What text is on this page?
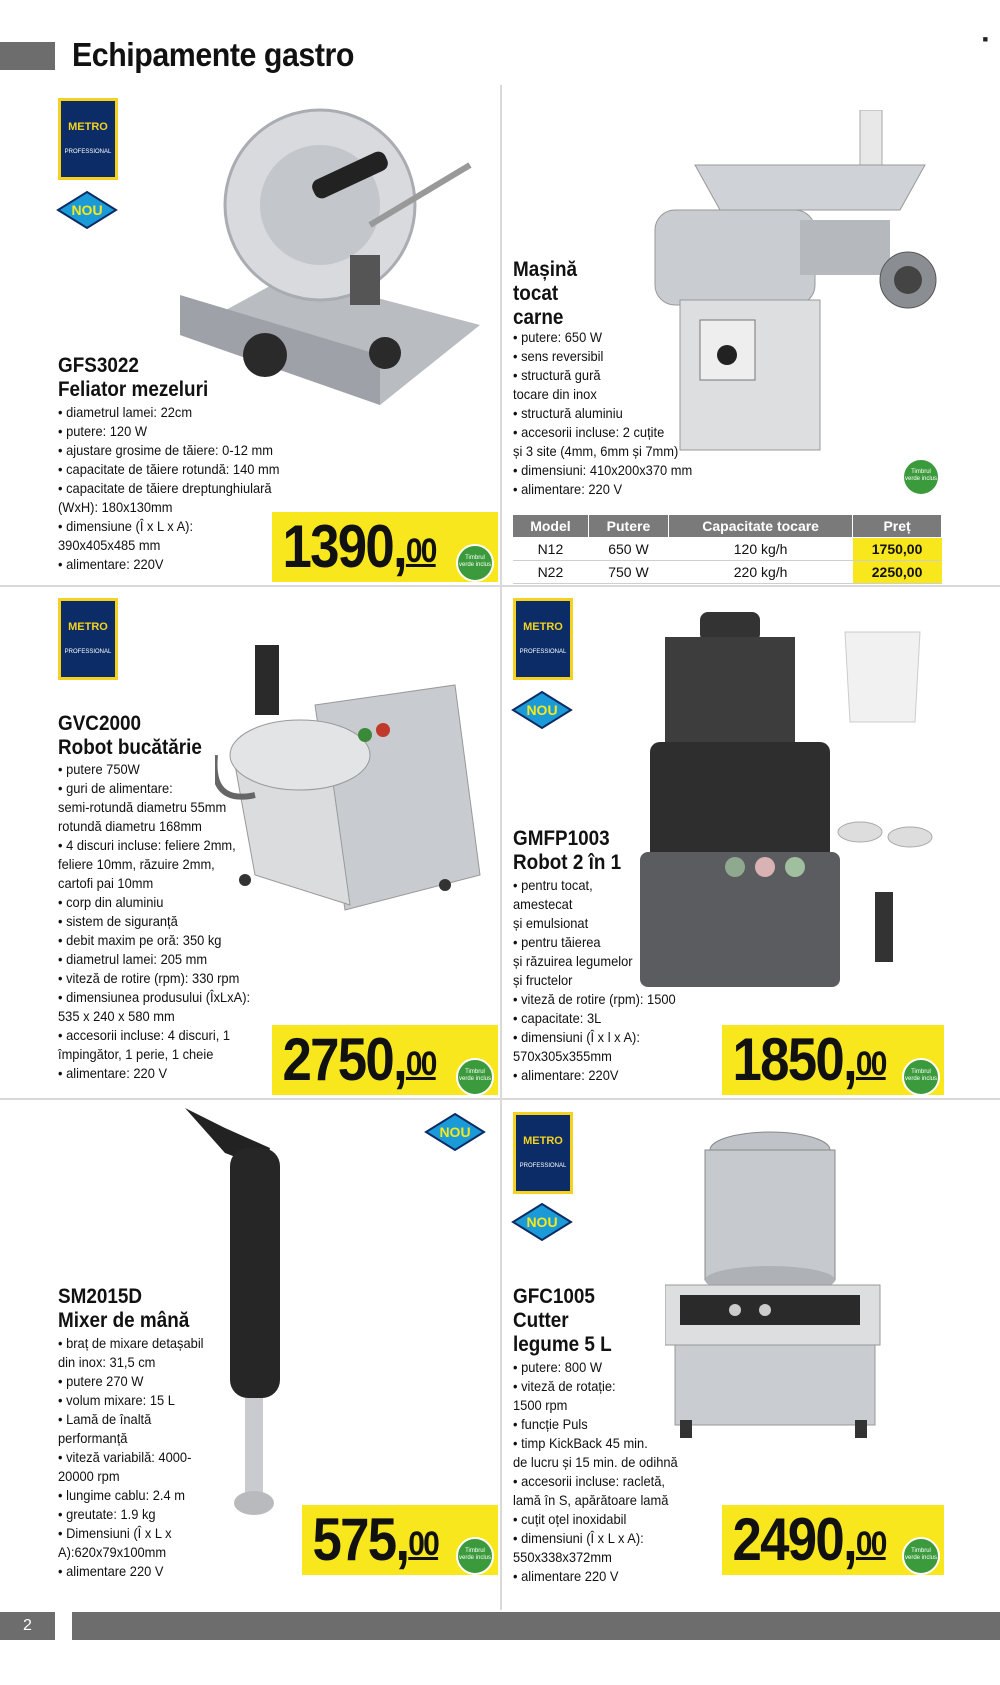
Echipamente gastro	■
METRO
PROFESSIONAL
NOU
GFS3022
Feliator mezeluri
• diametrul lamei: 22cm
• putere: 120 W
• ajustare grosime de tăiere: 0-12 mm
• capacitate de tăiere rotundă: 140 mm
• capacitate de tăiere dreptunghiulară
(WxH): 180x130mm
• dimensiune (Î x L x A):
390x405x485 mm
• alimentare: 220V	1390,00	Timbrul verde inclus
Mașină
tocat
carne
• putere: 650 W
• sens reversibil
• structură gură
tocare din inox
• structură aluminiu
• accesorii incluse: 2 cuțite
și 3 site (4mm, 6mm și 7mm)
• dimensiuni: 410x200x370 mm
• alimentare: 220 V
Timbrul verde inclus
Model	Putere	Capacitate tocare	Preț
N12	650 W	120 kg/h	1750,00
N22	750 W	220 kg/h	2250,00
METRO
PROFESSIONAL
GVC2000
Robot bucătărie
• putere 750W
• guri de alimentare:
semi-rotundă diametru 55mm
rotundă diametru 168mm
• 4 discuri incluse: feliere 2mm,
feliere 10mm, răzuire 2mm,
cartofi pai 10mm
• corp din aluminiu
• sistem de siguranță
• debit maxim pe oră: 350 kg
• diametrul lamei: 205 mm
• viteză de rotire (rpm): 330 rpm
• dimensiunea produsului (ÎxLxA):
535 x 240 x 580 mm
• accesorii incluse: 4 discuri, 1
împingător, 1 perie, 1 cheie
• alimentare: 220 V	2750,00	Timbrul verde inclus
METRO
PROFESSIONAL
NOU
GMFP1003
Robot 2 în 1
• pentru tocat,
amestecat
și emulsionat
• pentru tăierea
și răzuirea legumelor
și fructelor
• viteză de rotire (rpm): 1500
• capacitate: 3L
• dimensiuni (Î x l x A):
570x305x355mm
• alimentare: 220V	1850,00	Timbrul verde inclus
NOU
SM2015D
Mixer de mână
• braț de mixare detașabil
din inox: 31,5 cm
• putere 270 W
• volum mixare: 15 L
• Lamă de înaltă
performanță
• viteză variabilă: 4000-
20000 rpm
• lungime cablu: 2.4 m
• greutate: 1.9 kg
• Dimensiuni (Î x L x
A):620x79x100mm
• alimentare 220 V	575,00	Timbrul verde inclus
METRO
PROFESSIONAL
NOU
GFC1005
Cutter
legume 5 L
• putere: 800 W
• viteză de rotație:
1500 rpm
• funcție Puls
• timp KickBack 45 min.
de lucru și 15 min. de odihnă
• accesorii incluse: racletă,
lamă în S, apărătoare lamă
• cuțit oțel inoxidabil
• dimensiuni (Î x L x A):
550x338x372mm
• alimentare 220 V
2490,00	Timbrul verde inclus
2
